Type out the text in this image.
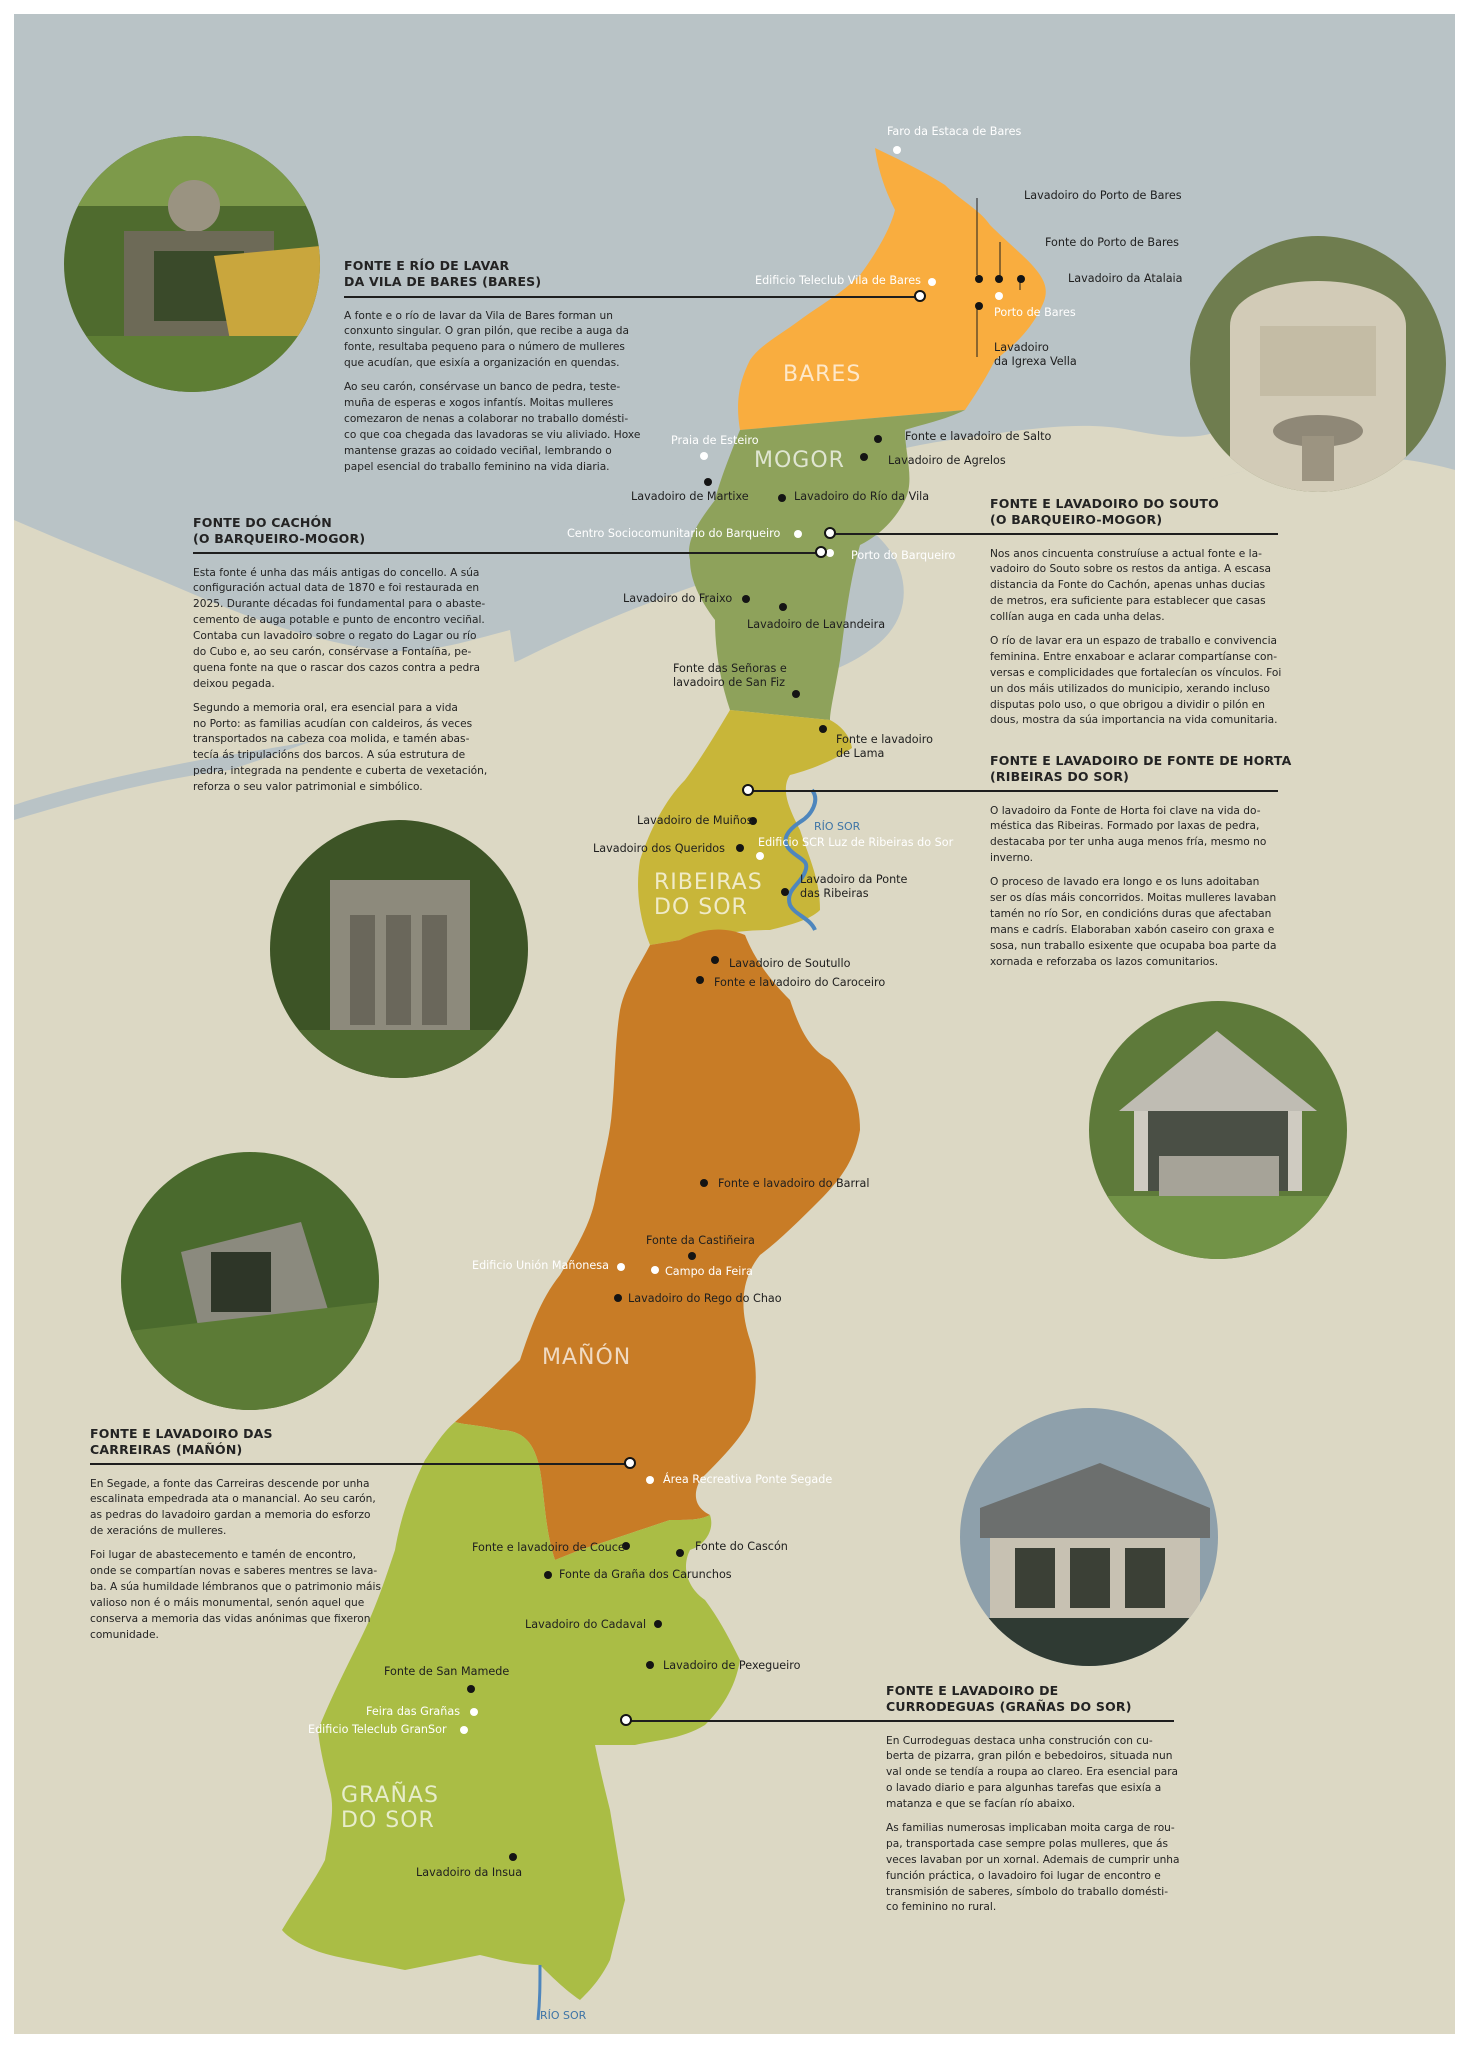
BARES
MOGOR
RIBEIRAS
DO SOR
MAÑÓN
GRAÑAS
DO SOR
RÍO SOR
RÍO SOR
Faro da Estaca de Bares
Lavadoiro do Porto de Bares
Fonte do Porto de Bares
Lavadoiro da Atalaia
Edificio Teleclub Vila de Bares
Porto de Bares
Lavadoiro
da Igrexa Vella
Fonte e lavadoiro de Salto
Praia de Esteiro
Lavadoiro de Agrelos
Lavadoiro de Martixe	Lavadoiro do Río da Vila
Centro Sociocomunitario do Barqueiro
Porto do Barqueiro
Lavadoiro do Fraixo
Lavadoiro de Lavandeira
Fonte das Señoras e
lavadoiro de San Fiz
Fonte e lavadoiro
de Lama
Lavadoiro de Muiños
Edificio SCR Luz de Ribeiras do Sor
Lavadoiro dos Queridos
Lavadoiro da Ponte
das Ribeiras
Lavadoiro de Soutullo
Fonte e lavadoiro do Caroceiro
Fonte e lavadoiro do Barral
Fonte da Castiñeira
Edificio Unión Mañonesa	Campo da Feira
Lavadoiro do Rego do Chao
Área Recreativa Ponte Segade
Fonte e lavadoiro de Couce	Fonte do Cascón
Fonte da Graña dos Carunchos
Lavadoiro do Cadaval
Lavadoiro de Pexegueiro
Fonte de San Mamede
Feira das Grañas
Edificio Teleclub GranSor
Lavadoiro da Insua
FONTE E RÍO DE LAVAR
DA VILA DE BARES (BARES)

A fonte e o río de lavar da Vila de Bares forman un
conxunto singular. O gran pilón, que recibe a auga da
fonte, resultaba pequeno para o número de mulleres
que acudían, que esixía a organización en quendas.

Ao seu carón, consérvase un banco de pedra, teste-
muña de esperas e xogos infantís. Moitas mulleres
comezaron de nenas a colaborar no traballo domésti-
co que coa chegada das lavadoras se viu aliviado. Hoxe
mantense grazas ao coidado veciñal, lembrando o
papel esencial do traballo feminino na vida diaria.

FONTE DO CACHÓN
(O BARQUEIRO-MOGOR)

Esta fonte é unha das máis antigas do concello. A súa
configuración actual data de 1870 e foi restaurada en
2025. Durante décadas foi fundamental para o abaste-
cemento de auga potable e punto de encontro veciñal.
Contaba cun lavadoiro sobre o regato do Lagar ou río
do Cubo e, ao seu carón, consérvase a Fontaíña, pe-
quena fonte na que o rascar dos cazos contra a pedra
deixou pegada.

Segundo a memoria oral, era esencial para a vida
no Porto: as familias acudían con caldeiros, ás veces
transportados na cabeza coa molida, e tamén abas-
tecía ás tripulacións dos barcos. A súa estrutura de
pedra, integrada na pendente e cuberta de vexetación,
reforza o seu valor patrimonial e simbólico.

FONTE E LAVADOIRO DO SOUTO
(O BARQUEIRO-MOGOR)

Nos anos cincuenta construíuse a actual fonte e la-
vadoiro do Souto sobre os restos da antiga. A escasa
distancia da Fonte do Cachón, apenas unhas ducias
de metros, era suficiente para establecer que casas
collían auga en cada unha delas.

O río de lavar era un espazo de traballo e convivencia
feminina. Entre enxaboar e aclarar compartíanse con-
versas e complicidades que fortalecían os vínculos. Foi
un dos máis utilizados do municipio, xerando incluso
disputas polo uso, o que obrigou a dividir o pilón en
dous, mostra da súa importancia na vida comunitaria.

FONTE E LAVADOIRO DE FONTE DE HORTA
(RIBEIRAS DO SOR)

O lavadoiro da Fonte de Horta foi clave na vida do-
méstica das Ribeiras. Formado por laxas de pedra,
destacaba por ter unha auga menos fría, mesmo no
inverno.

O proceso de lavado era longo e os luns adoitaban
ser os días máis concorridos. Moitas mulleres lavaban
tamén no río Sor, en condicións duras que afectaban
mans e cadrís. Elaboraban xabón caseiro con graxa e
sosa, nun traballo esixente que ocupaba boa parte da
xornada e reforzaba os lazos comunitarios.

FONTE E LAVADOIRO DAS
CARREIRAS (MAÑÓN)

En Segade, a fonte das Carreiras descende por unha
escalinata empedrada ata o manancial. Ao seu carón,
as pedras do lavadoiro gardan a memoria do esforzo
de xeracións de mulleres.

Foi lugar de abastecemento e tamén de encontro,
onde se compartían novas e saberes mentres se lava-
ba. A súa humildade lémbranos que o patrimonio máis
valioso non é o máis monumental, senón aquel que
conserva a memoria das vidas anónimas que fixeron
comunidade.

FONTE E LAVADOIRO DE
CURRODEGUAS (GRAÑAS DO SOR)

En Currodeguas destaca unha construción con cu-
berta de pizarra, gran pilón e bebedoiros, situada nun
val onde se tendía a roupa ao clareo. Era esencial para
o lavado diario e para algunhas tarefas que esixía a
matanza e que se facían río abaixo.

As familias numerosas implicaban moita carga de rou-
pa, transportada case sempre polas mulleres, que ás
veces lavaban por un xornal. Ademais de cumprir unha
función práctica, o lavadoiro foi lugar de encontro e
transmisión de saberes, símbolo do traballo domésti-
co feminino no rural.
